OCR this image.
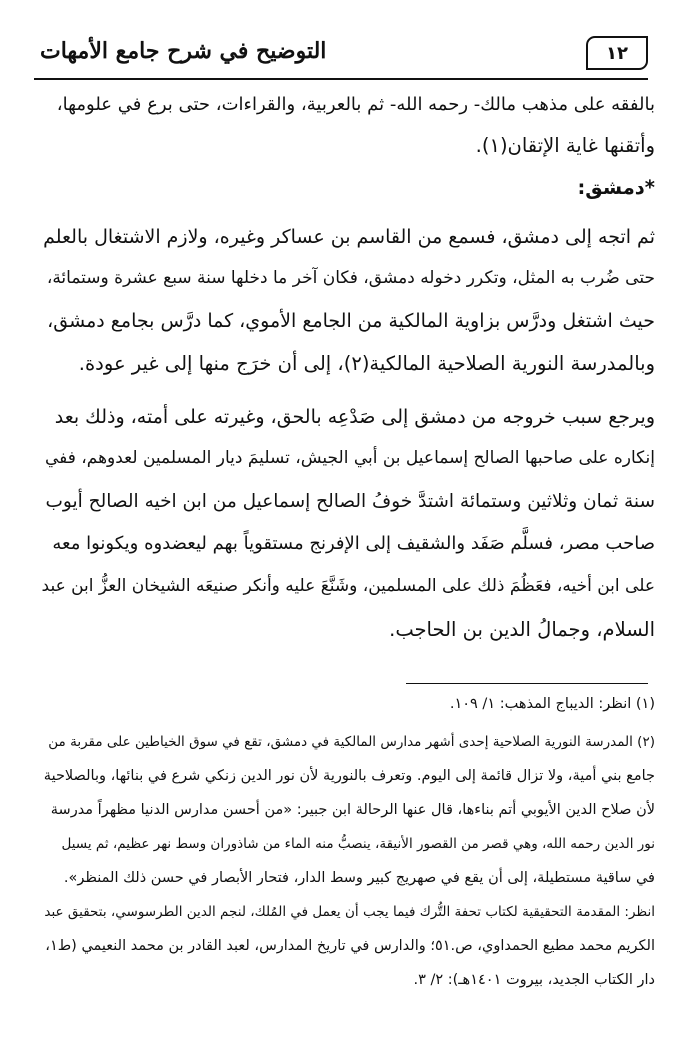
١٢
التوضيح في شرح جامع الأمهات
بالفقه على مذهب مالك- رحمه الله- ثم بالعربية، والقراءات، حتى برع في علومها،
وأتقنها غاية الإتقان(١).
*دمشق:
ثم اتجه إلى دمشق، فسمع من القاسم بن عساكر وغيره، ولازم الاشتغال بالعلم
حتى ضُرب به المثل، وتكرر دخوله دمشق، فكان آخر ما دخلها سنة سبع عشرة وستمائة،
حيث اشتغل ودرَّس بزاوية المالكية من الجامع الأموي، كما درَّس بجامع دمشق،
وبالمدرسة النورية الصلاحية المالكية(٢)، إلى أن خرَج منها إلى غير عودة.
ويرجع سبب خروجه من دمشق إلى صَدْعِه بالحق، وغيرته على أمته، وذلك بعد
إنكاره على صاحبها الصالح إسماعيل بن أبي الجيش، تسليمَ ديار المسلمين لعدوهم، ففي
سنة ثمان وثلاثين وستمائة اشتدَّ خوفُ الصالح إسماعيل من ابن اخيه الصالح أيوب
صاحب مصر، فسلَّم صَفَد والشقيف إلى الإفرنج مستقوياً بهم ليعضدوه ويكونوا معه
على ابن أخيه، فعَظُمَ ذلك على المسلمين، وشَنَّعَ عليه وأنكر صنيعَه الشيخان العزُّ ابن عبد
السلام، وجمالُ الدين بن الحاجب.
(١) انظر: الديباج المذهب: ١/ ١٠٩.
(٢) المدرسة النورية الصلاحية إحدى أشهر مدارس المالكية في دمشق، تقع في سوق الخياطين على مقربة من
جامع بني أمية، ولا تزال قائمة إلى اليوم. وتعرف بالنورية لأن نور الدين زنكي شرع في بنائها، وبالصلاحية
لأن صلاح الدين الأيوبي أتم بناءها، قال عنها الرحالة ابن جبير: «من أحسن مدارس الدنيا مظهراً مدرسة
نور الدين رحمه الله، وهي قصر من القصور الأنيقة، ينصبُّ منه الماء من شاذوران وسط نهر عظيم، ثم يسيل
في ساقية مستطيلة، إلى أن يقع في صهريج كبير وسط الدار، فتحار الأبصار في حسن ذلك المنظر».
انظر: المقدمة التحقيقية لكتاب تحفة التُّرك فيما يجب أن يعمل في المُلك، لنجم الدين الطرسوسي، بتحقيق عبد
الكريم محمد مطيع الحمداوي، ص.٥١؛ والدارس في تاريخ المدارس، لعبد القادر بن محمد النعيمي (ط١،
دار الكتاب الجديد، بيروت ١٤٠١هـ): ٢/ ٣.
